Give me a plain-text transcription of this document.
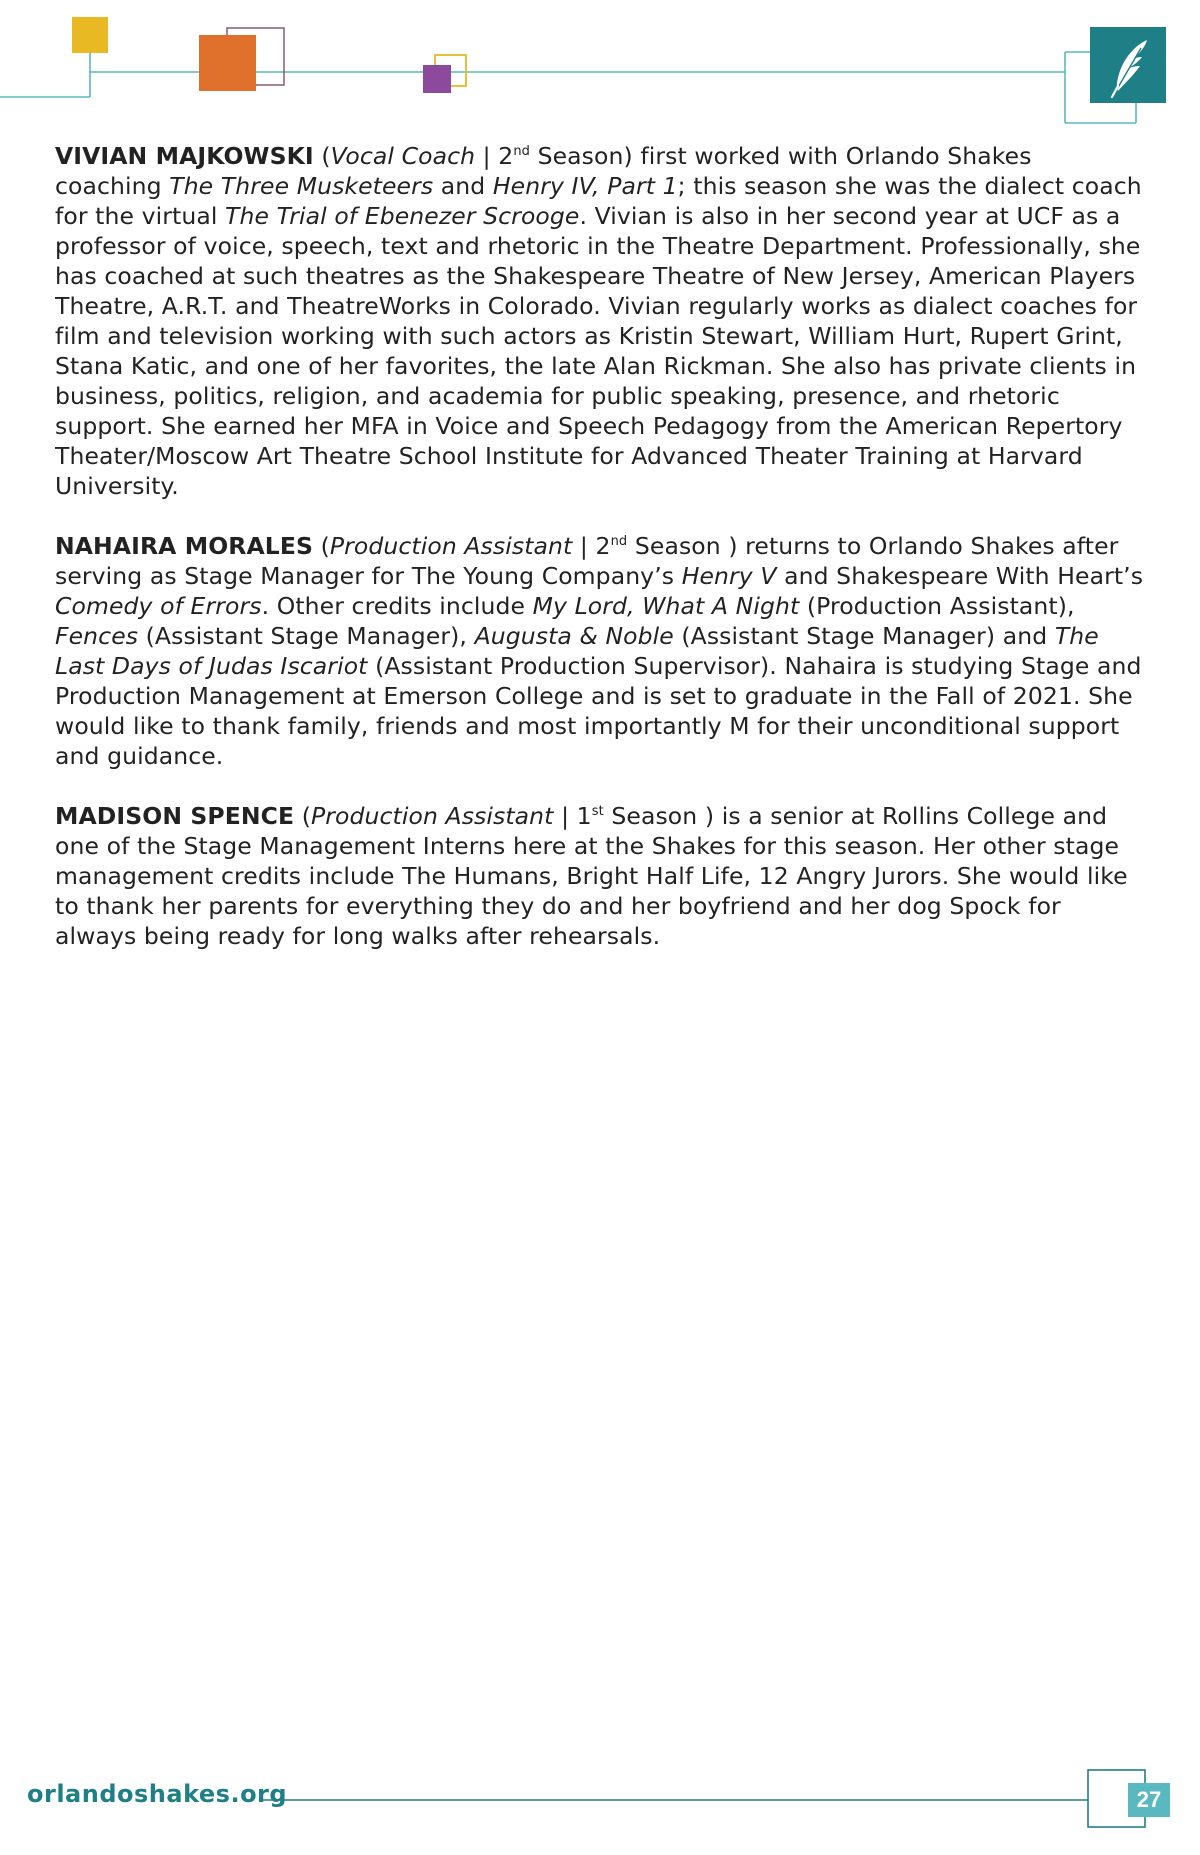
VIVIAN MAJKOWSKI (Vocal Coach | 2nd Season) first worked with Orlando Shakes coaching The Three Musketeers and Henry IV, Part 1; this season she was the dialect coach for the virtual The Trial of Ebenezer Scrooge. Vivian is also in her second year at UCF as a professor of voice, speech, text and rhetoric in the Theatre Department. Professionally, she has coached at such theatres as the Shakespeare Theatre of New Jersey, American Players Theatre, A.R.T. and TheatreWorks in Colorado. Vivian regularly works as dialect coaches for film and television working with such actors as Kristin Stewart, William Hurt, Rupert Grint, Stana Katic, and one of her favorites, the late Alan Rickman. She also has private clients in business, politics, religion, and academia for public speaking, presence, and rhetoric support. She earned her MFA in Voice and Speech Pedagogy from the American Repertory Theater/Moscow Art Theatre School Institute for Advanced Theater Training at Harvard University.

NAHAIRA MORALES (Production Assistant | 2nd Season ) returns to Orlando Shakes after serving as Stage Manager for The Young Company’s Henry V and Shakespeare With Heart’s Comedy of Errors. Other credits include My Lord, What A Night (Production Assistant), Fences (Assistant Stage Manager), Augusta & Noble (Assistant Stage Manager) and The Last Days of Judas Iscariot (Assistant Production Supervisor). Nahaira is studying Stage and Production Management at Emerson College and is set to graduate in the Fall of 2021. She would like to thank family, friends and most importantly M for their unconditional support and guidance.

MADISON SPENCE (Production Assistant | 1st Season ) is a senior at Rollins College and one of the Stage Management Interns here at the Shakes for this season. Her other stage management credits include The Humans, Bright Half Life, 12 Angry Jurors. She would like to thank her parents for everything they do and her boyfriend and her dog Spock for always being ready for long walks after rehearsals.

orlandoshakes.org	27
